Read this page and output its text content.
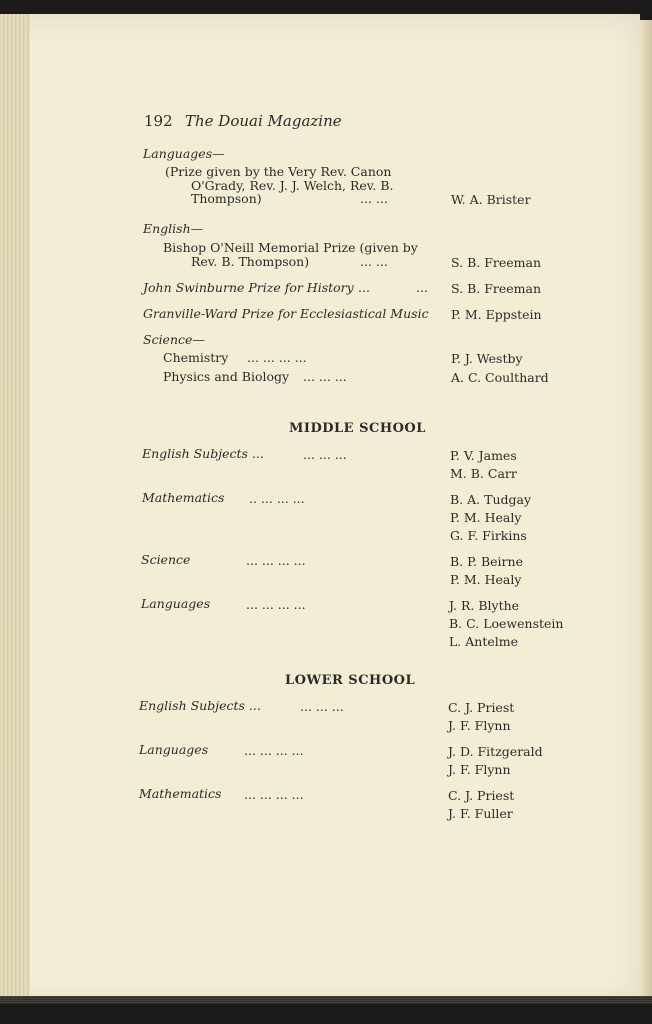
192 The Douai Magazine
Languages—
(Prize given by the Very Rev. Canon
O'Grady, Rev. J. J. Welch, Rev. B.
Thompson)	... ...	W. A. Brister
English—
Bishop O'Neill Memorial Prize (given by
Rev. B. Thompson)	... ...	S. B. Freeman
John Swinburne Prize for History ...	... S. B. Freeman
Granville-Ward Prize for Ecclesiastical Music P. M. Eppstein
Science—
Chemistry ... ... ... ...	P. J. Westby
Physics and Biology ... ... ...	A. C. Coulthard
MIDDLE SCHOOL
English Subjects ...	... ... ...	P. V. James
M. B. Carr
Mathematics .. ... ... ...	B. A. Tudgay
P. M. Healy
G. F. Firkins
Science	... ... ... ...	B. P. Beirne
P. M. Healy
Languages	... ... ... ...	J. R. Blythe
B. C. Loewenstein
L. Antelme
LOWER SCHOOL
English Subjects ...	... ... ...	C. J. Priest
J. F. Flynn
Languages	... ... ... ...	J. D. Fitzgerald
J. F. Flynn
Mathematics ... ... ... ...	C. J. Priest
J. F. Fuller
